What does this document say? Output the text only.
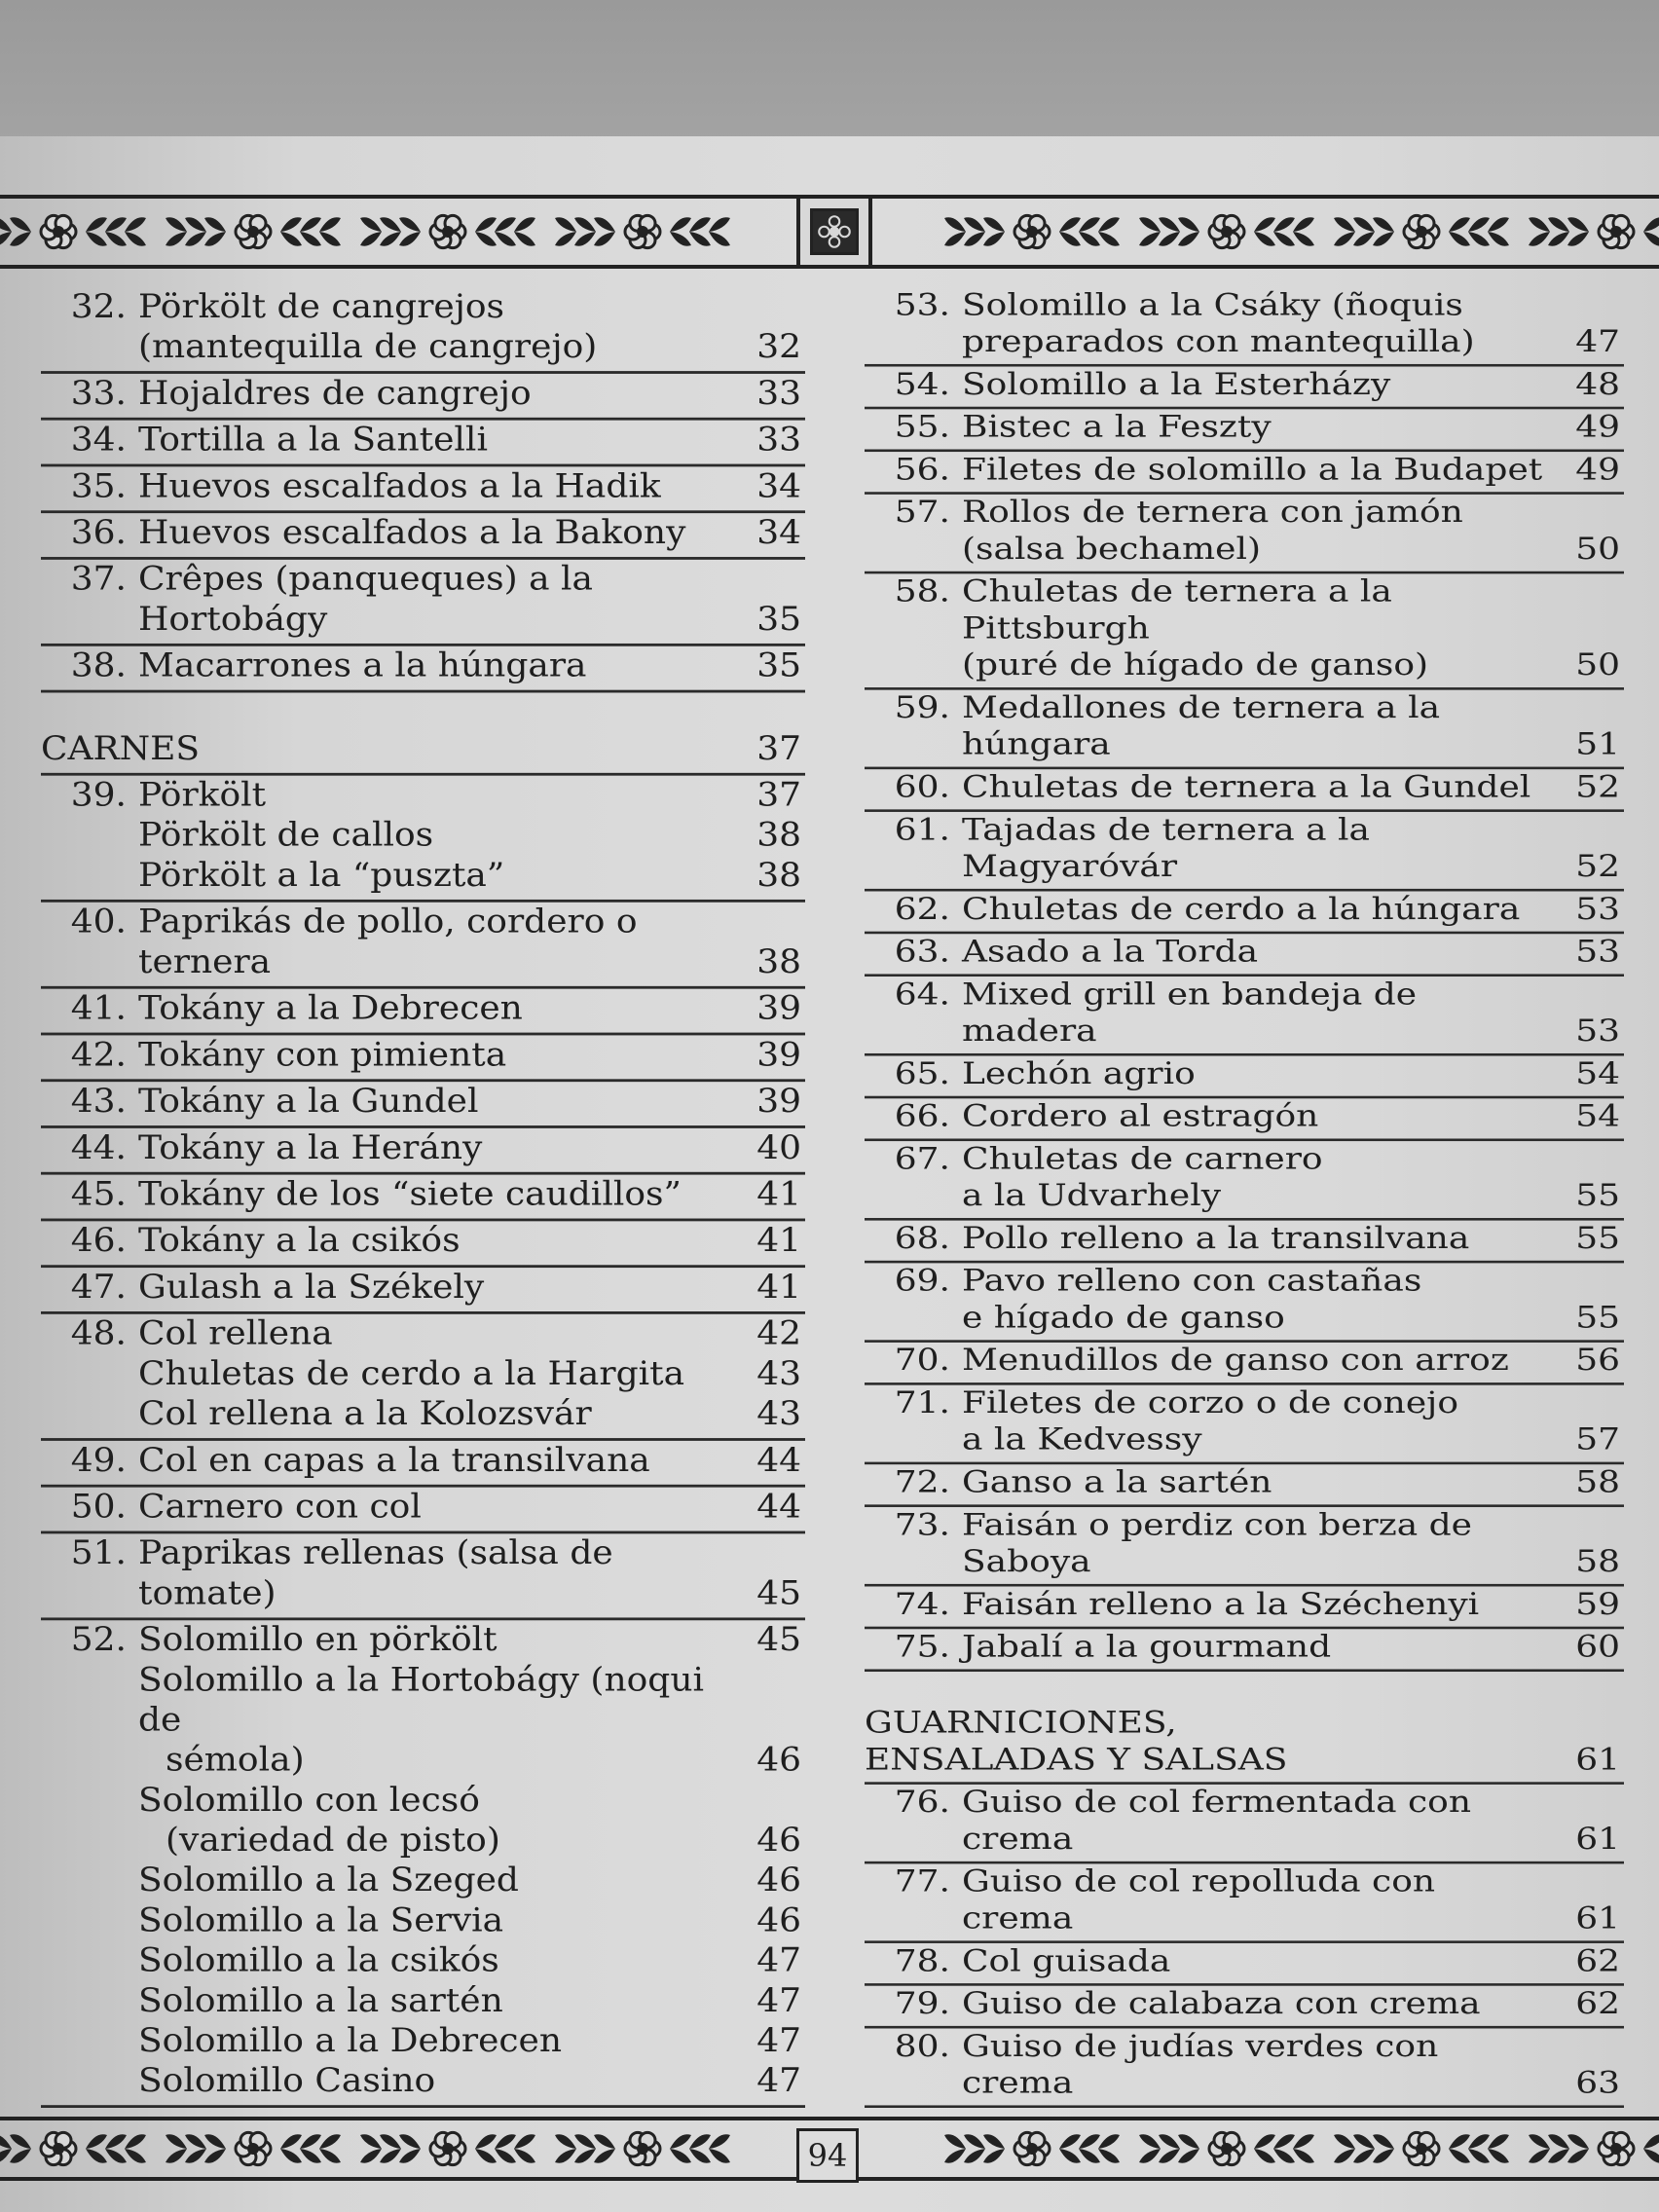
32. Pörkölt de cangrejos
(mantequilla de cangrejo)	32
33. Hojaldres de cangrejo	33
34. Tortilla a la Santelli	33
35. Huevos escalfados a la Hadik	34
36. Huevos escalfados a la Bakony	34
37. Crêpes (panqueques) a la Hortobágy	35
38. Macarrones a la húngara	35
CARNES	37
39. Pörkölt	37
Pörkölt de callos	38
Pörkölt a la “puszta”	38
40. Paprikás de pollo, cordero o ternera	38
41. Tokány a la Debrecen	39
42. Tokány con pimienta	39
43. Tokány a la Gundel	39
44. Tokány a la Herány	40
45. Tokány de los “siete caudillos”	41
46. Tokány a la csikós	41
47. Gulash a la Székely	41
48. Col rellena	42
Chuletas de cerdo a la Hargita	43
Col rellena a la Kolozsvár	43
49. Col en capas a la transilvana	44
50. Carnero con col	44
51. Paprikas rellenas (salsa de tomate)	45
52. Solomillo en pörkölt	45
Solomillo a la Hortobágy (noqui de
sémola)	46
Solomillo con lecsó
(variedad de pisto)	46
Solomillo a la Szeged	46
Solomillo a la Servia	46
Solomillo a la csikós	47
Solomillo a la sartén	47
Solomillo a la Debrecen	47
Solomillo Casino	47
53. Solomillo a la Csáky (ñoquis
preparados con mantequilla)	47
54. Solomillo a la Esterházy	48
55. Bistec a la Feszty	49
56. Filetes de solomillo a la Budapet 49
57. Rollos de ternera con jamón
(salsa bechamel)	50
58. Chuletas de ternera a la Pittsburgh
(puré de hígado de ganso)	50
59. Medallones de ternera a la húngara	51
60. Chuletas de ternera a la Gundel	52
61. Tajadas de ternera a la Magyaróvár	52
62. Chuletas de cerdo a la húngara	53
63. Asado a la Torda	53
64. Mixed grill en bandeja de madera	53
65. Lechón agrio	54
66. Cordero al estragón	54
67. Chuletas de carnero
a la Udvarhely	55
68. Pollo relleno a la transilvana	55
69. Pavo relleno con castañas
e hígado de ganso	55
70. Menudillos de ganso con arroz	56
71. Filetes de corzo o de conejo
a la Kedvessy	57
72. Ganso a la sartén	58
73. Faisán o perdiz con berza de Saboya	58
74. Faisán relleno a la Széchenyi	59
75. Jabalí a la gourmand	60
GUARNICIONES,
ENSALADAS Y SALSAS	61
76. Guiso de col fermentada con crema	61
77. Guiso de col repolluda con crema	61
78. Col guisada	62
79. Guiso de calabaza con crema	62
80. Guiso de judías verdes con crema	63
94
